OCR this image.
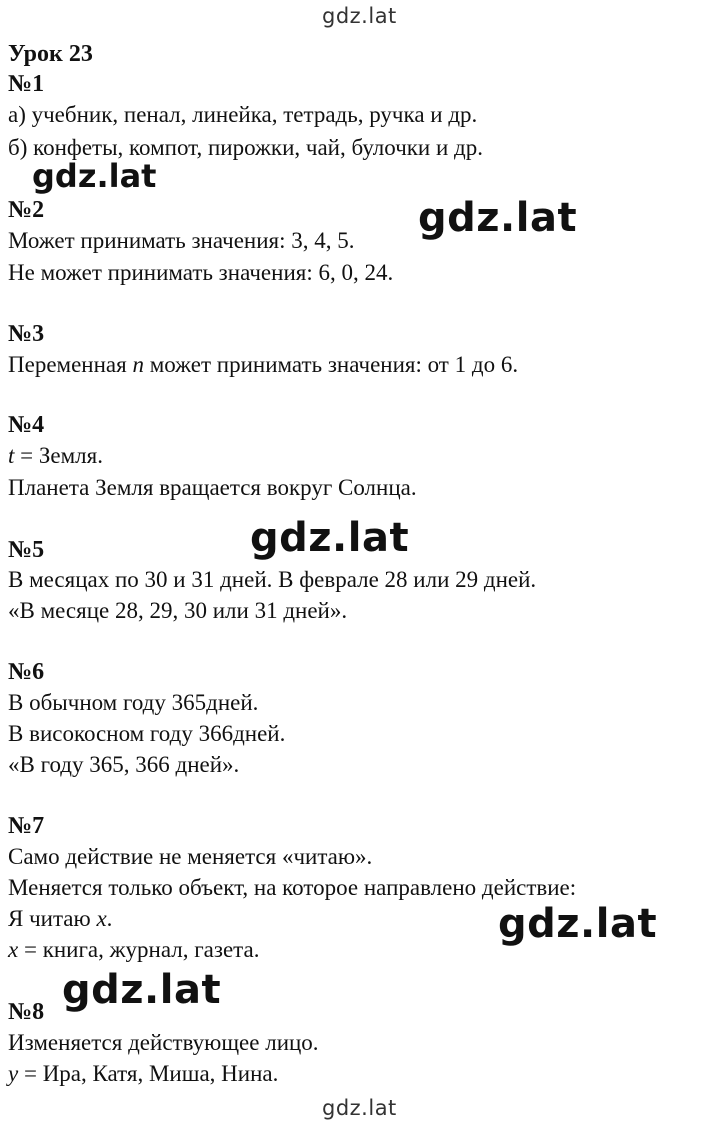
gdz.lat
Урок 23
№1
а) учебник, пенал, линейка, тетрадь, ручка и др.
б) конфеты, компот, пирожки, чай, булочки и др.
№2
Может принимать значения: 3, 4, 5.
Не может принимать значения: 6, 0, 24.
№3
Переменная n может принимать значения: от 1 до 6.
№4
t = Земля.
Планета Земля вращается вокруг Солнца.
№5
В месяцах по 30 и 31 дней. В феврале 28 или 29 дней.
«В месяце 28, 29, 30 или 31 дней».
№6
В обычном году 365дней.
В високосном году 366дней.
«В году 365, 366 дней».
№7
Само действие не меняется «читаю».
Меняется только объект, на которое направлено действие:
Я читаю x.
x = книга, журнал, газета.
№8
Изменяется действующее лицо.
y = Ира, Катя, Миша, Нина.
gdz.lat
gdz.lat
gdz.lat
gdz.lat
gdz.lat
gdz.lat
